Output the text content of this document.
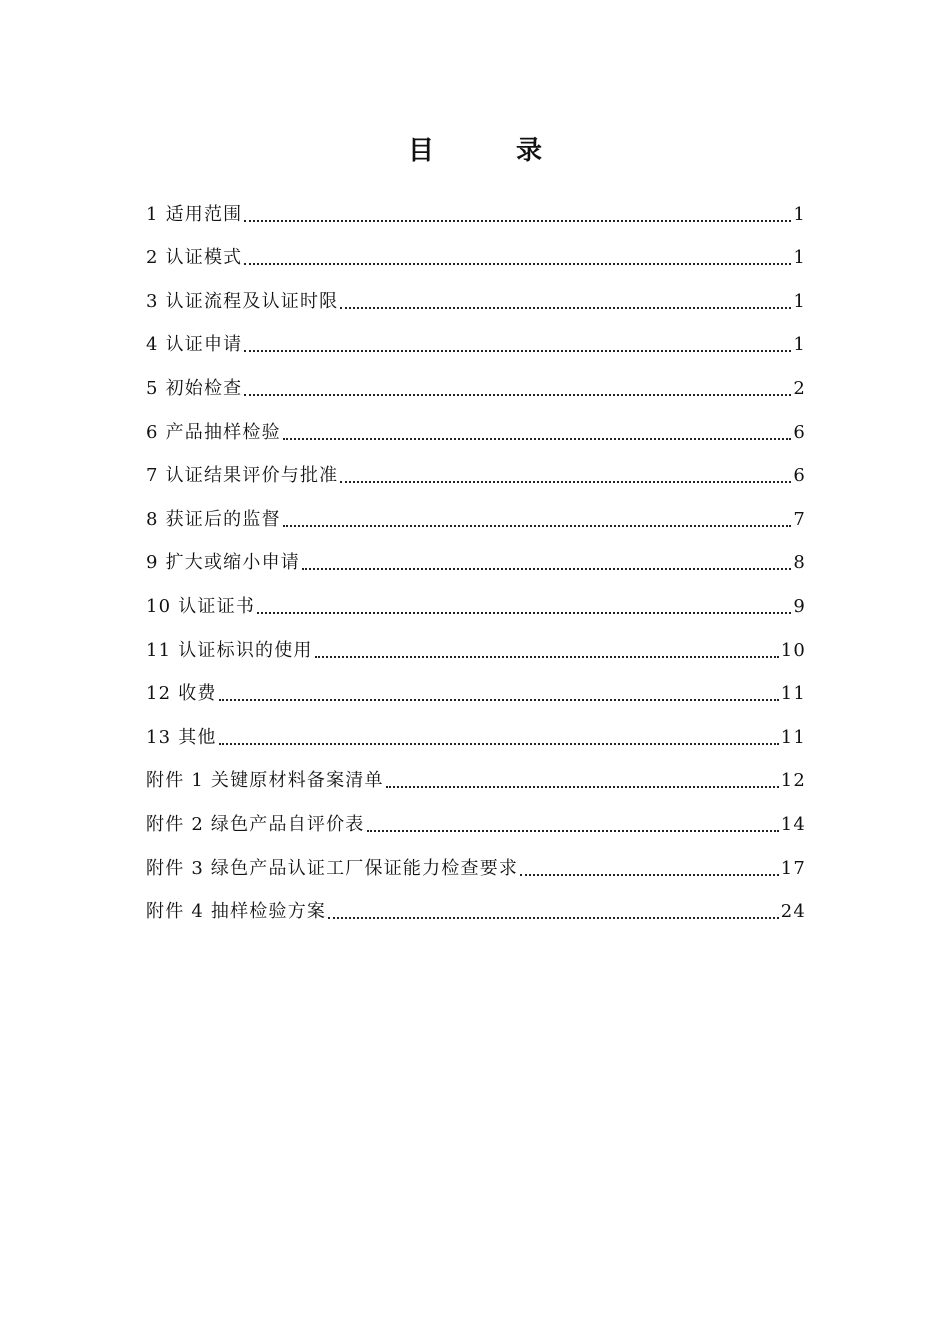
目　录
1 适用范围	1
2 认证模式	1
3 认证流程及认证时限	1
4 认证申请	1
5 初始检查	2
6 产品抽样检验	6
7 认证结果评价与批准	6
8 获证后的监督	7
9 扩大或缩小申请	8
10 认证证书	9
11 认证标识的使用	10
12 收费	11
13 其他	11
附件 1 关键原材料备案清单	12
附件 2 绿色产品自评价表	14
附件 3 绿色产品认证工厂保证能力检查要求	17
附件 4 抽样检验方案	24
